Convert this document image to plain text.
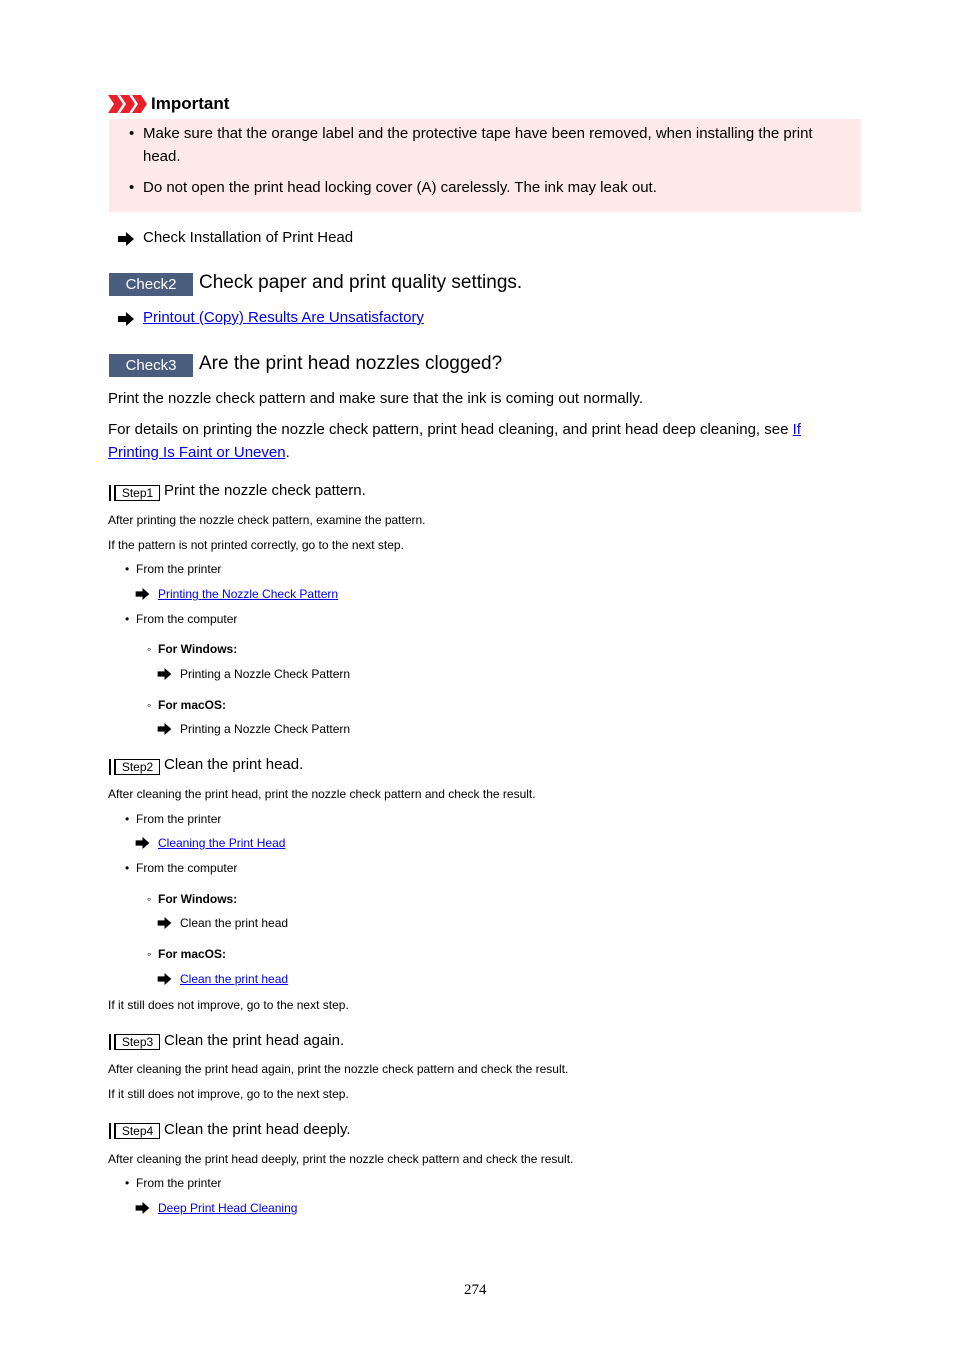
Important
• Make sure that the orange label and the protective tape have been removed, when installing the print
head.
• Do not open the print head locking cover (A) carelessly. The ink may leak out.
Check Installation of Print Head
Check2	Check paper and print quality settings.
Printout (Copy) Results Are Unsatisfactory
Check3	Are the print head nozzles clogged?
Print the nozzle check pattern and make sure that the ink is coming out normally.
For details on printing the nozzle check pattern, print head cleaning, and print head deep cleaning, see If
Printing Is Faint or Uneven.
Step1 Print the nozzle check pattern.
After printing the nozzle check pattern, examine the pattern.
If the pattern is not printed correctly, go to the next step.
• From the printer
Printing the Nozzle Check Pattern
• From the computer
◦ For Windows:
Printing a Nozzle Check Pattern
◦ For macOS:
Printing a Nozzle Check Pattern
Step2 Clean the print head.
After cleaning the print head, print the nozzle check pattern and check the result.
• From the printer
Cleaning the Print Head
• From the computer
◦ For Windows:
Clean the print head
◦ For macOS:
Clean the print head
If it still does not improve, go to the next step.
Step3 Clean the print head again.
After cleaning the print head again, print the nozzle check pattern and check the result.
If it still does not improve, go to the next step.
Step4 Clean the print head deeply.
After cleaning the print head deeply, print the nozzle check pattern and check the result.
• From the printer
Deep Print Head Cleaning
274
